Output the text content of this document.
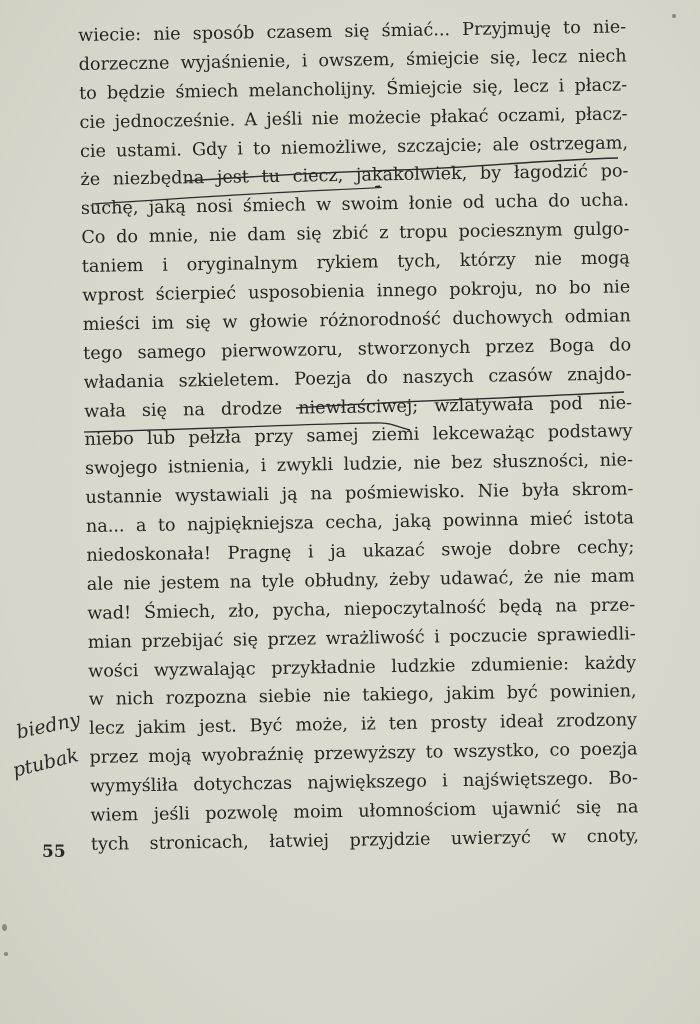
wiecie: nie sposób czasem się śmiać... Przyjmuję to nie-
dorzeczne wyjaśnienie, i owszem, śmiejcie się, lecz niech
to będzie śmiech melancholijny. Śmiejcie się, lecz i płacz-
cie jednocześnie. A jeśli nie możecie płakać oczami, płacz-
cie ustami. Gdy i to niemożliwe, szczajcie; ale ostrzegam,
że niezbędna jest tu ciecz, jakakolwiek, by łagodzić po-
suchę, jaką nosi śmiech w swoim łonie od ucha do ucha.
Co do mnie, nie dam się zbić z tropu pociesznym gulgo-
taniem i oryginalnym rykiem tych, którzy nie mogą
wprost ścierpieć usposobienia innego pokroju, no bo nie
mieści im się w głowie różnorodność duchowych odmian
tego samego pierwowzoru, stworzonych przez Boga do
władania szkieletem. Poezja do naszych czasów znajdo-
wała się na drodze niewłaściwej; wzlatywała pod nie-
niebo lub pełzła przy samej ziemi lekceważąc podstawy
swojego istnienia, i zwykli ludzie, nie bez słuszności, nie-
ustannie wystawiali ją na pośmiewisko. Nie była skrom-
na... a to najpiękniejsza cecha, jaką powinna mieć istota
niedoskonała! Pragnę i ja ukazać swoje dobre cechy;
ale nie jestem na tyle obłudny, żeby udawać, że nie mam
wad! Śmiech, zło, pycha, niepoczytalność będą na prze-
mian przebijać się przez wrażliwość i poczucie sprawiedli-
wości wyzwalając przykładnie ludzkie zdumienie: każdy
w nich rozpozna siebie nie takiego, jakim być powinien,
lecz jakim jest. Być może, iż ten prosty ideał zrodzony
przez moją wyobraźnię przewyższy to wszystko, co poezja
wymyśliła dotychczas największego i najświętszego. Bo-
wiem jeśli pozwolę moim ułomnościom ujawnić się na
tych stronicach, łatwiej przyjdzie uwierzyć w cnoty,
biedny
ptubak
55
